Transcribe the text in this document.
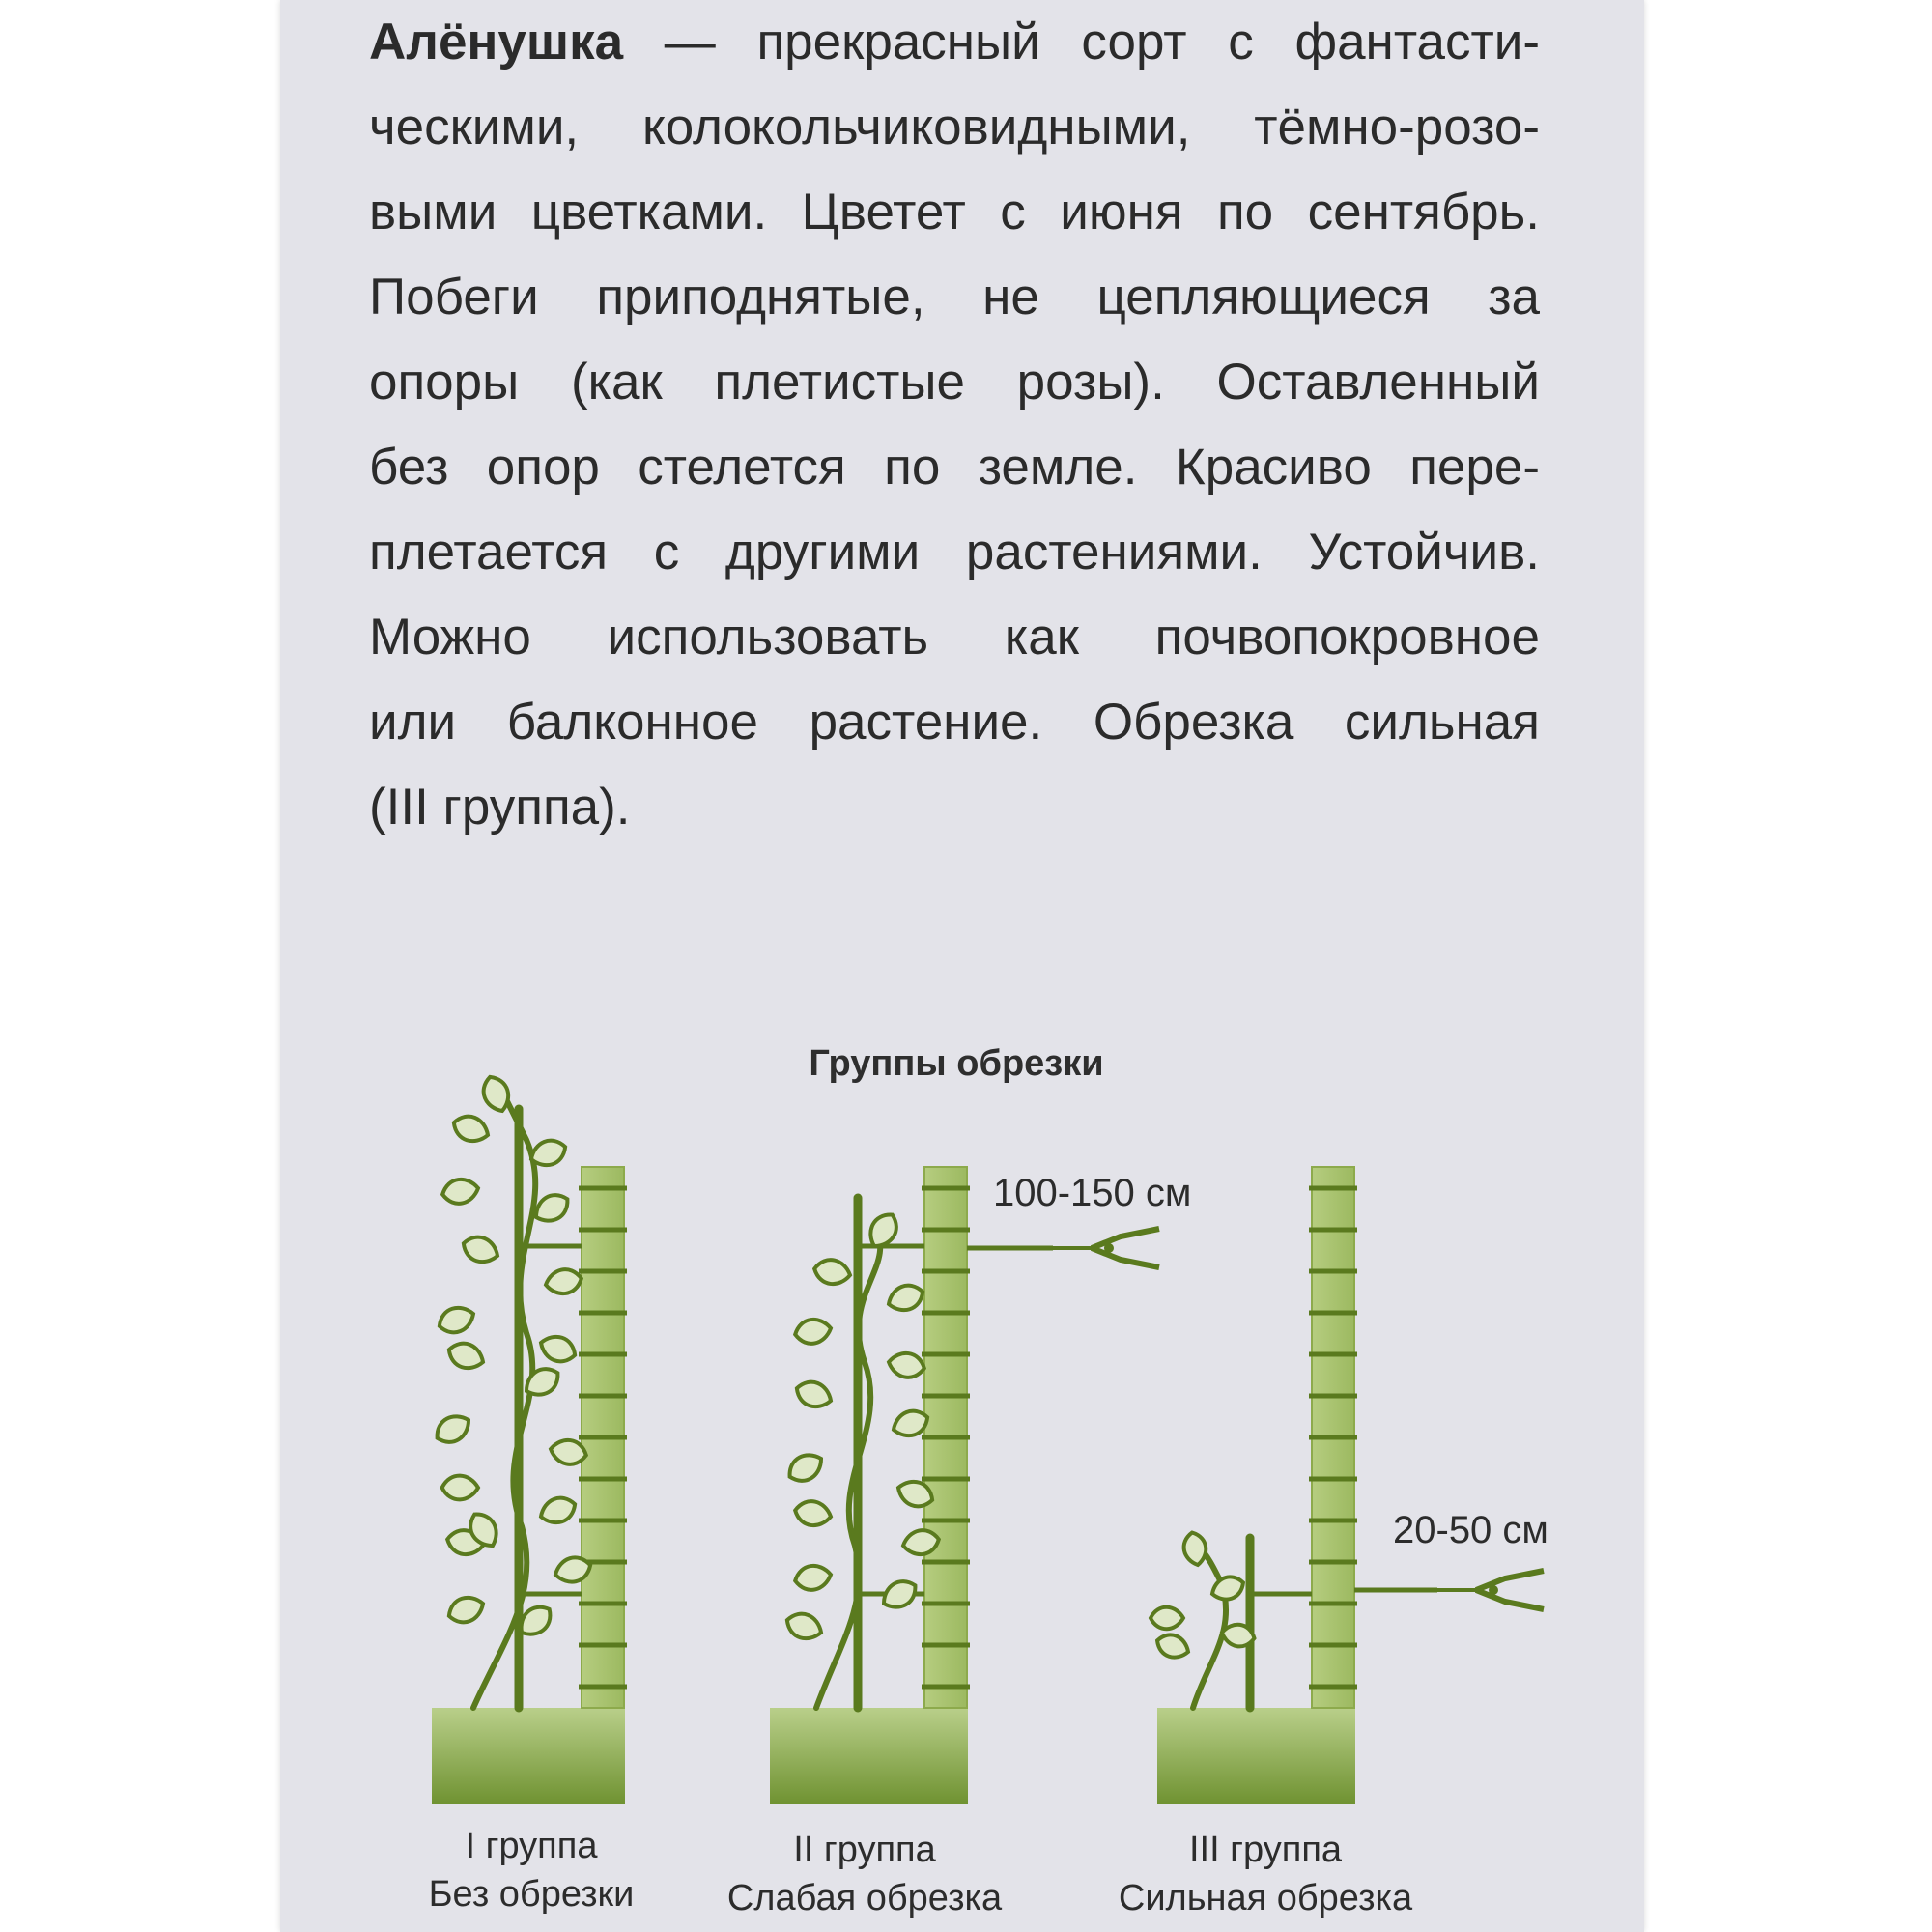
Алёнушка — прекрасный сорт с фантасти-
ческими, колокольчиковидными, тёмно-розо-
выми цветками. Цветет с июня по сентябрь.
Побеги приподнятые, не цепляющиеся за
опоры (как плетистые розы). Оставленный
без опор стелется по земле. Красиво пере-
плетается с другими растениями. Устойчив.
Можно использовать как почвопокровное
или балконное растение. Обрезка сильная
(III группа).
Группы обрезки
100-150 см
20-50 см
I группа
Без обрезки
II группа
Слабая обрезка
III группа
Сильная обрезка
